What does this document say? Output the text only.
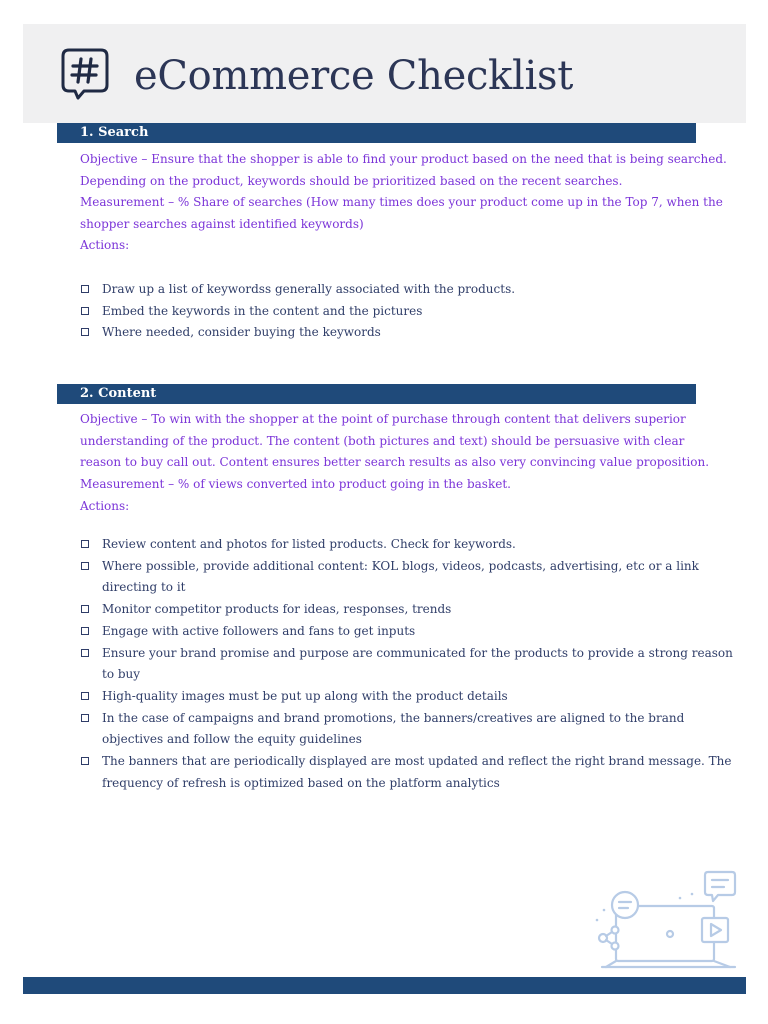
eCommerce Checklist
1. Search
Objective – Ensure that the shopper is able to find your product based on the need that is being searched.
Depending on the product, keywords should be prioritized based on the recent searches.
Measurement – % Share of searches (How many times does your product come up in the Top 7, when the
shopper searches against identified keywords)
Actions:
Draw up a list of keywordss generally associated with the products.
Embed the keywords in the content and the pictures
Where needed, consider buying the keywords
2. Content
Objective – To win with the shopper at the point of purchase through content that delivers superior
understanding of the product. The content (both pictures and text) should be persuasive with clear
reason to buy call out. Content ensures better search results as also very convincing value proposition.
Measurement – % of views converted into product going in the basket.
Actions:
Review content and photos for listed products. Check for keywords.
Where possible, provide additional content: KOL blogs, videos, podcasts, advertising, etc or a link
directing to it
Monitor competitor products for ideas, responses, trends
Engage with active followers and fans to get inputs
Ensure your brand promise and purpose are communicated for the products to provide a strong reason
to buy
High-quality images must be put up along with the product details
In the case of campaigns and brand promotions, the banners/creatives are aligned to the brand
objectives and follow the equity guidelines
The banners that are periodically displayed are most updated and reflect the right brand message. The
frequency of refresh is optimized based on the platform analytics
